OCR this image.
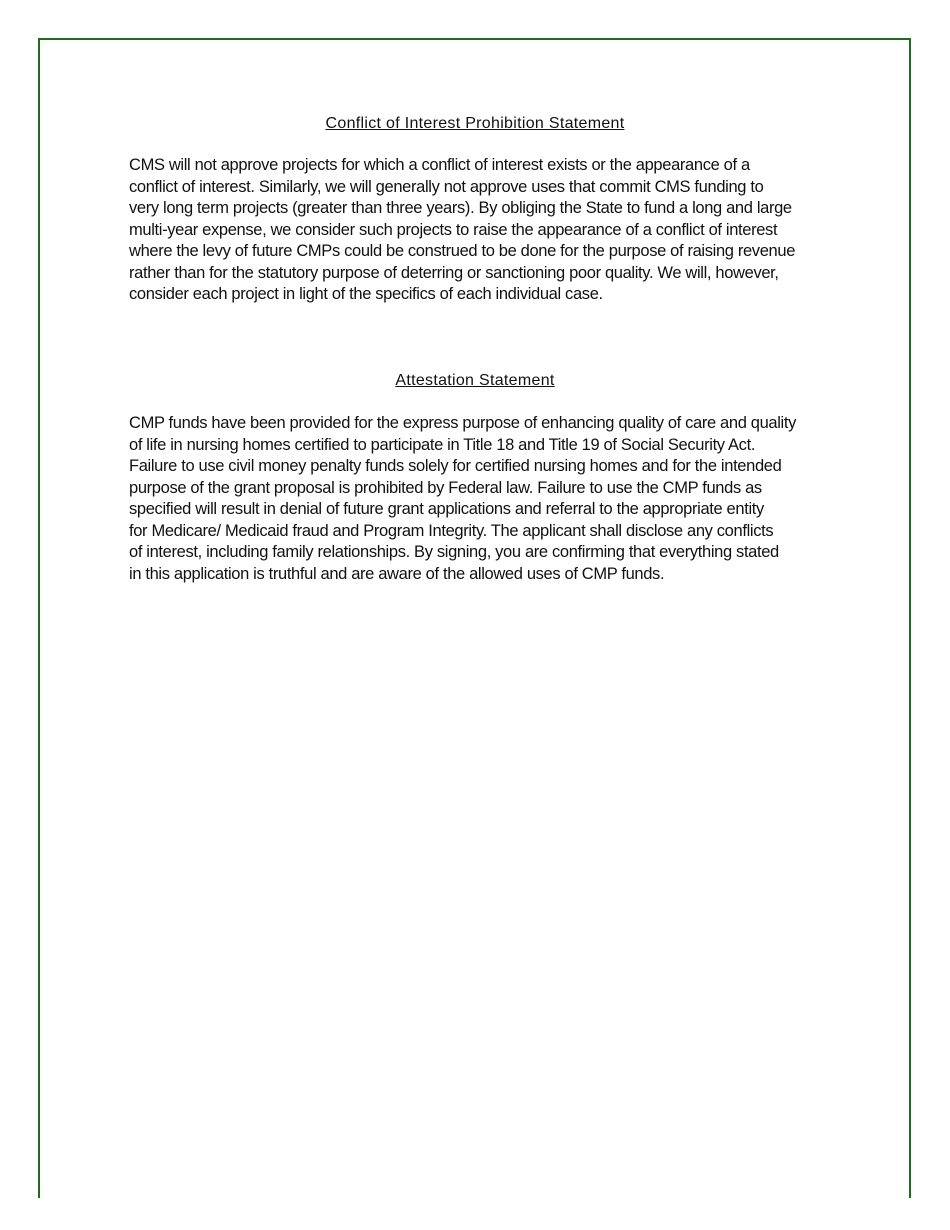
Conflict of Interest Prohibition Statement
CMS will not approve projects for which a conflict of interest exists or the appearance of a
conflict of interest. Similarly, we will generally not approve uses that commit CMS funding to
very long term projects (greater than three years). By obliging the State to fund a long and large
multi-year expense, we consider such projects to raise the appearance of a conflict of interest
where the levy of future CMPs could be construed to be done for the purpose of raising revenue
rather than for the statutory purpose of deterring or sanctioning poor quality. We will, however,
consider each project in light of the specifics of each individual case.
Attestation Statement
CMP funds have been provided for the express purpose of enhancing quality of care and quality
of life in nursing homes certified to participate in Title 18 and Title 19 of Social Security Act.
Failure to use civil money penalty funds solely for certified nursing homes and for the intended
purpose of the grant proposal is prohibited by Federal law. Failure to use the CMP funds as
specified will result in denial of future grant applications and referral to the appropriate entity
for Medicare/ Medicaid fraud and Program Integrity. The applicant shall disclose any conflicts
of interest, including family relationships. By signing, you are confirming that everything stated
in this application is truthful and are aware of the allowed uses of CMP funds.
